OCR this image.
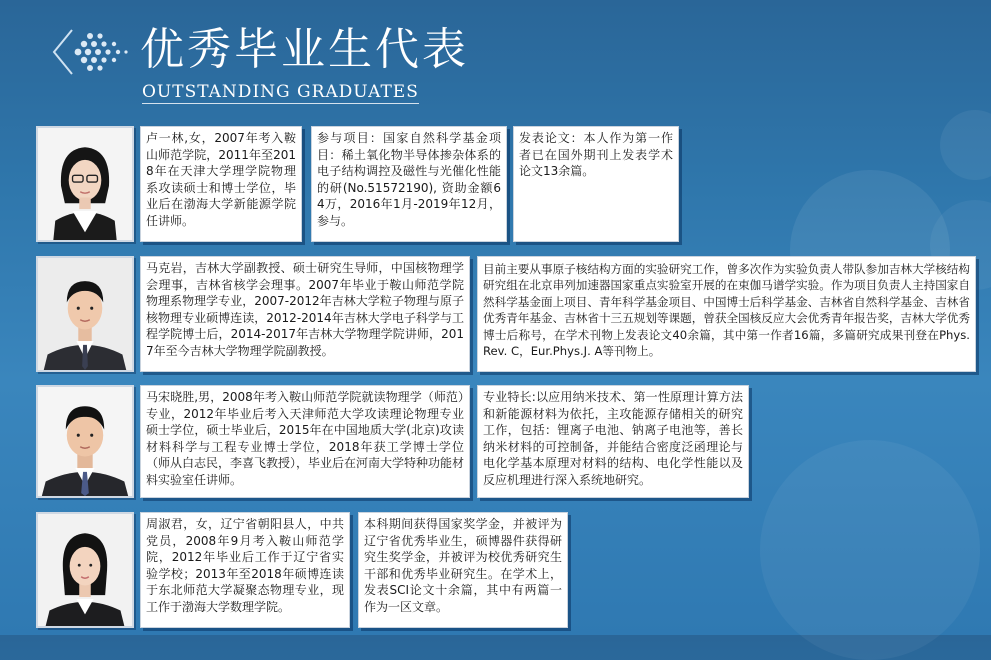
优秀毕业生代表
OUTSTANDING GRADUATES
卢一林,女，2007年考入鞍山师范学院，2011年至2018年在天津大学理学院物理系攻读硕士和博士学位，毕业后在渤海大学新能源学院任讲师。
参与项目：国家自然科学基金项目：稀土氧化物半导体掺杂体系的电子结构调控及磁性与光催化性能的研(No.51572190), 资助金额64万，2016年1月-2019年12月，参与。
发表论文：本人作为第一作者已在国外期刊上发表学术论文13余篇。
马克岩，吉林大学副教授、硕士研究生导师，中国核物理学会理事，吉林省核学会理事。2007年毕业于鞍山师范学院物理系物理学专业，2007-2012年吉林大学粒子物理与原子核物理专业硕博连读，2012-2014年吉林大学电子科学与工程学院博士后，2014-2017年吉林大学物理学院讲师，2017年至今吉林大学物理学院副教授。
目前主要从事原子核结构方面的实验研究工作，曾多次作为实验负责人带队参加吉林大学核结构研究组在北京串列加速器国家重点实验室开展的在束伽马谱学实验。作为项目负责人主持国家自然科学基金面上项目、青年科学基金项目、中国博士后科学基金、吉林省自然科学基金、吉林省优秀青年基金、吉林省十三五规划等课题，曾获全国核反应大会优秀青年报告奖，吉林大学优秀博士后称号，在学术刊物上发表论文40余篇，其中第一作者16篇，多篇研究成果刊登在Phys. Rev. C，Eur.Phys.J. A等刊物上。
马宋晓胜,男，2008年考入鞍山师范学院就读物理学（师范）专业，2012年毕业后考入天津师范大学攻读理论物理专业硕士学位，硕士毕业后，2015年在中国地质大学(北京)攻读材料科学与工程专业博士学位，2018年获工学博士学位（师从白志民，李喜飞教授），毕业后在河南大学特种功能材料实验室任讲师。
专业特长:以应用纳米技术、第一性原理计算方法和新能源材料为依托，主攻能源存储相关的研究工作，包括：锂离子电池、钠离子电池等，善长纳米材料的可控制备，并能结合密度泛函理论与电化学基本原理对材料的结构、电化学性能以及反应机理进行深入系统地研究。
周淑君，女，辽宁省朝阳县人，中共党员，2008年9月考入鞍山师范学院，2012年毕业后工作于辽宁省实验学校；2013年至2018年硕博连读于东北师范大学凝聚态物理专业，现工作于渤海大学数理学院。
本科期间获得国家奖学金，并被评为辽宁省优秀毕业生，硕博器件获得研究生奖学金，并被评为校优秀研究生干部和优秀毕业研究生。在学术上，发表SCI论文十余篇，其中有两篇一作为一区文章。
